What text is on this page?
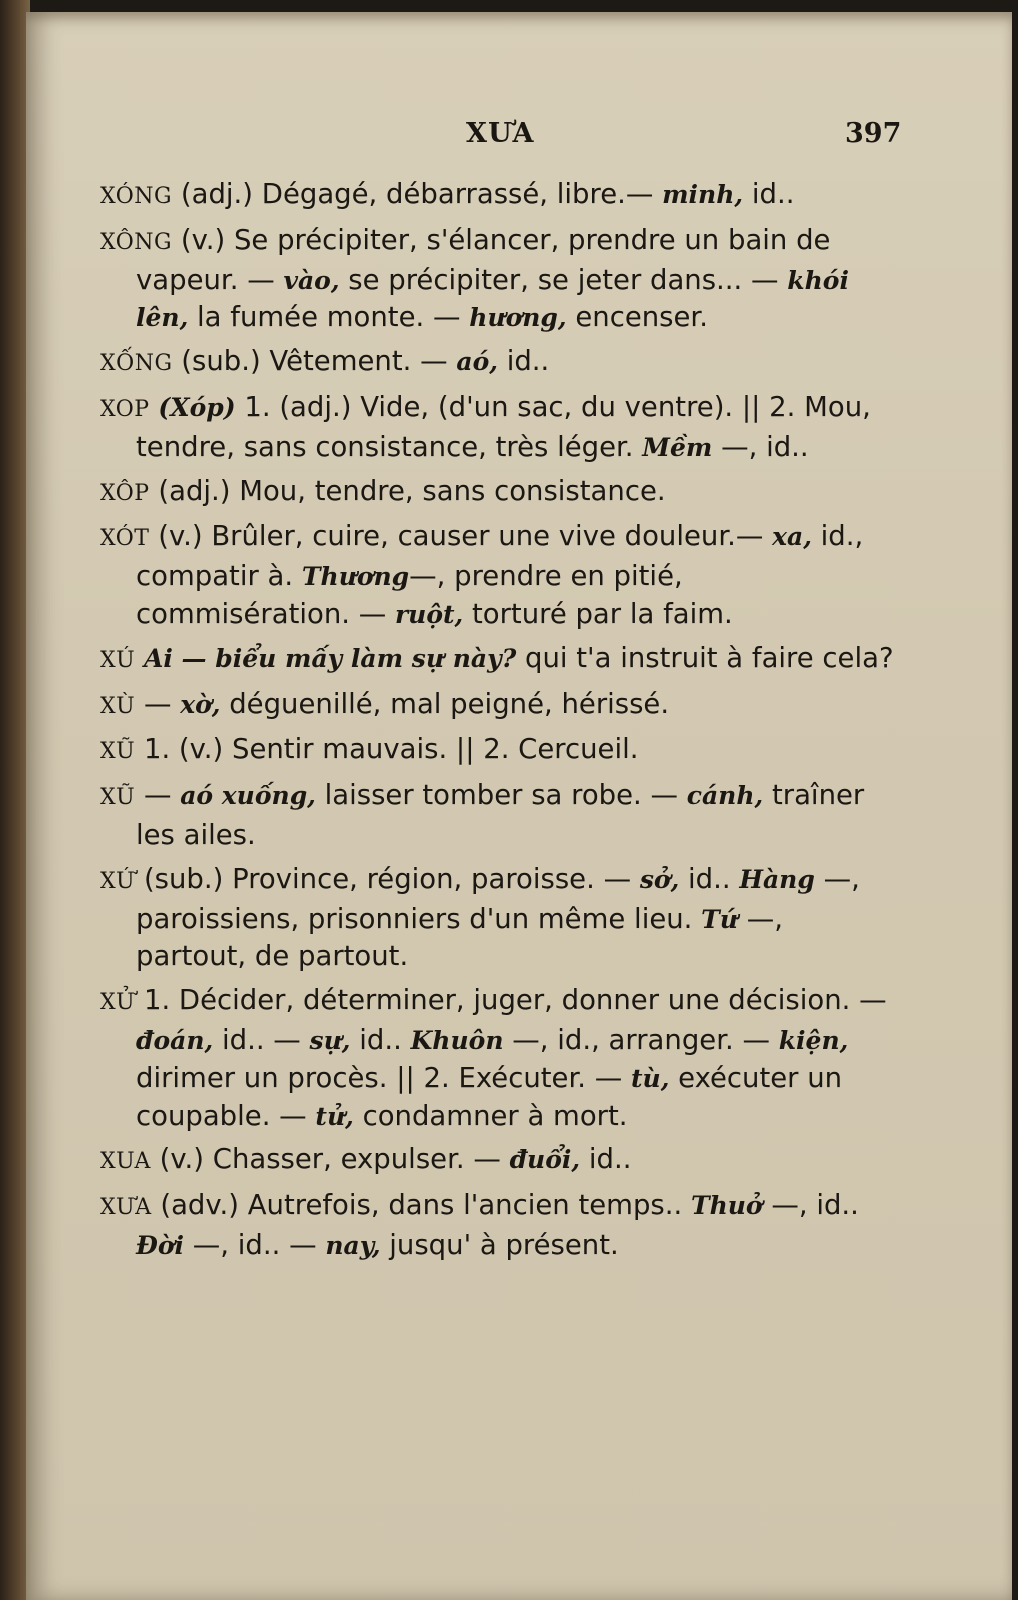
XƯA	397
XÓNG (adj.) Dégagé, débarrassé, libre.— minh, id..
XÔNG (v.) Se précipiter, s'élancer, prendre un bain de vapeur. — vào, se précipiter, se jeter dans... — khói lên, la fumée monte. — hương, encenser.
XỐNG (sub.) Vêtement. — aó, id..
XOP (Xóp) 1. (adj.) Vide, (d'un sac, du ventre). || 2. Mou, tendre, sans consistance, très léger. Mềm —, id..
XÔP (adj.) Mou, tendre, sans consistance.
XÓT (v.) Brûler, cuire, causer une vive douleur.— xa, id., compatir à. Thương—, prendre en pitié, commisération. — ruột, torturé par la faim.
XÚ Ai — biểu mấy làm sự này? qui t'a instruit à faire cela?
XÙ — xờ, déguenillé, mal peigné, hérissé.
XŨ 1. (v.) Sentir mauvais. || 2. Cercueil.
XŨ — aó xuống, laisser tomber sa robe. — cánh, traîner les ailes.
XỨ (sub.) Province, région, paroisse. — sở, id.. Hàng —, paroissiens, prisonniers d'un même lieu. Tứ —, partout, de partout.
XỬ 1. Décider, déterminer, juger, donner une décision. — đoán, id.. — sự, id.. Khuôn —, id., arranger. — kiện, dirimer un procès. || 2. Exécuter. — tù, exécuter un coupable. — tử, condamner à mort.
XUA (v.) Chasser, expulser. — đuổi, id..
XƯA (adv.) Autrefois, dans l'ancien temps.. Thuở —, id.. Đời —, id.. — nay, jusqu' à présent.
